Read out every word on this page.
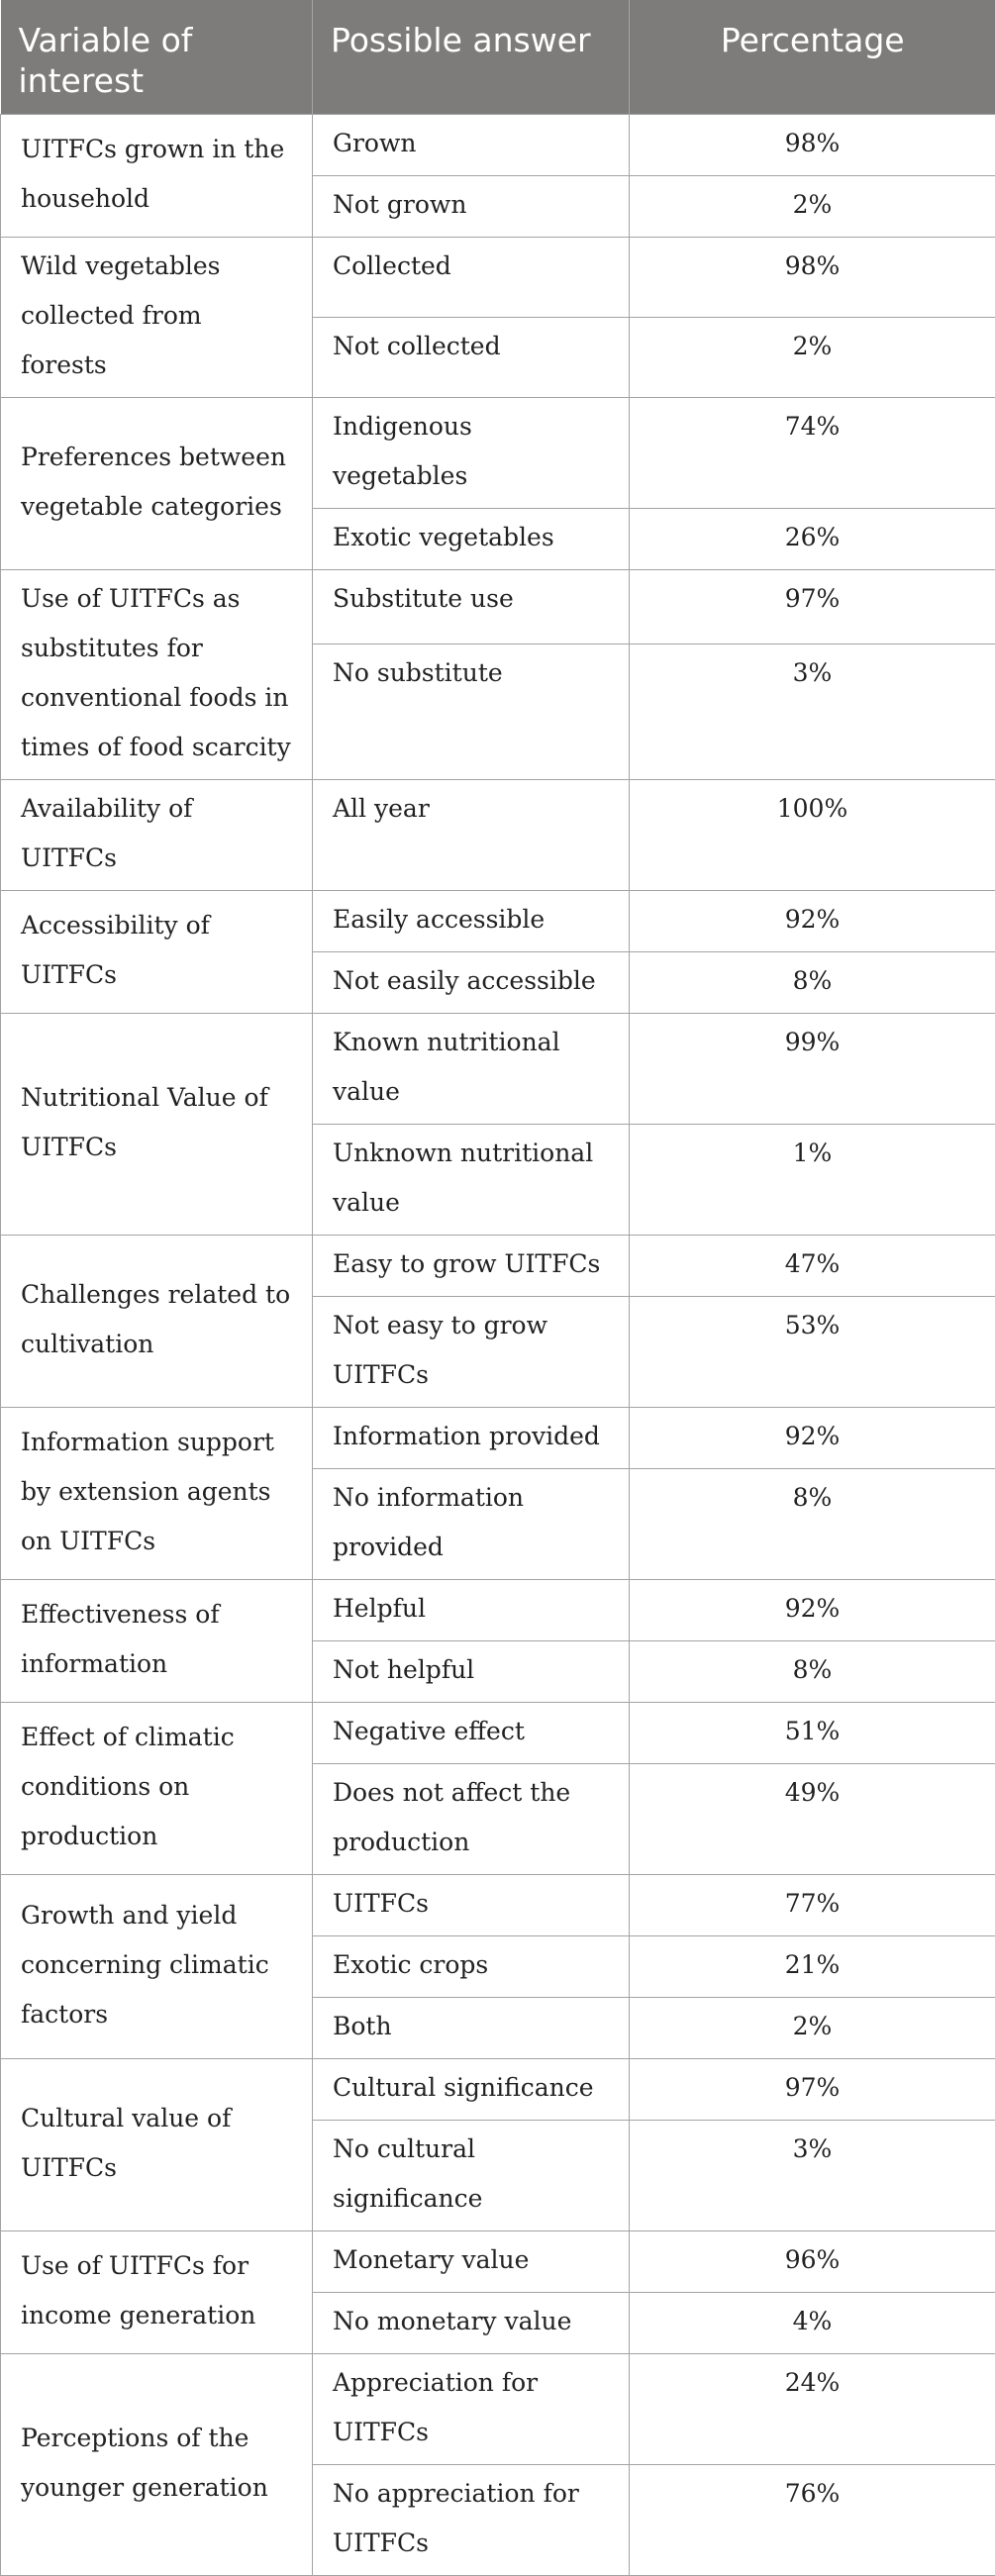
Variable of interest	Possible answer	Percentage
UITFCs grown in the household	Grown	98%
	Not grown	2%
Wild vegetables collected from forests	Collected	98%
	Not collected	2%
Preferences between vegetable categories	Indigenous vegetables	74%
	Exotic vegetables	26%
Use of UITFCs as substitutes for conventional foods in times of food scarcity	Substitute use	97%
	No substitute	3%
Availability of UITFCs	All year	100%
Accessibility of UITFCs	Easily accessible	92%
	Not easily accessible	8%
Nutritional Value of UITFCs	Known nutritional value	99%
	Unknown nutritional value	1%
Challenges related to cultivation	Easy to grow UITFCs	47%
	Not easy to grow UITFCs	53%
Information support by extension agents on UITFCs	Information provided	92%
	No information provided	8%
Effectiveness of information	Helpful	92%
	Not helpful	8%
Effect of climatic conditions on production	Negative effect	51%
	Does not affect the production	49%
Growth and yield concerning climatic factors	UITFCs	77%
	Exotic crops	21%
	Both	2%
Cultural value of UITFCs	Cultural significance	97%
	No cultural significance	3%
Use of UITFCs for income generation	Monetary value	96%
	No monetary value	4%
Perceptions of the younger generation	Appreciation for UITFCs	24%
	No appreciation for UITFCs	76%
